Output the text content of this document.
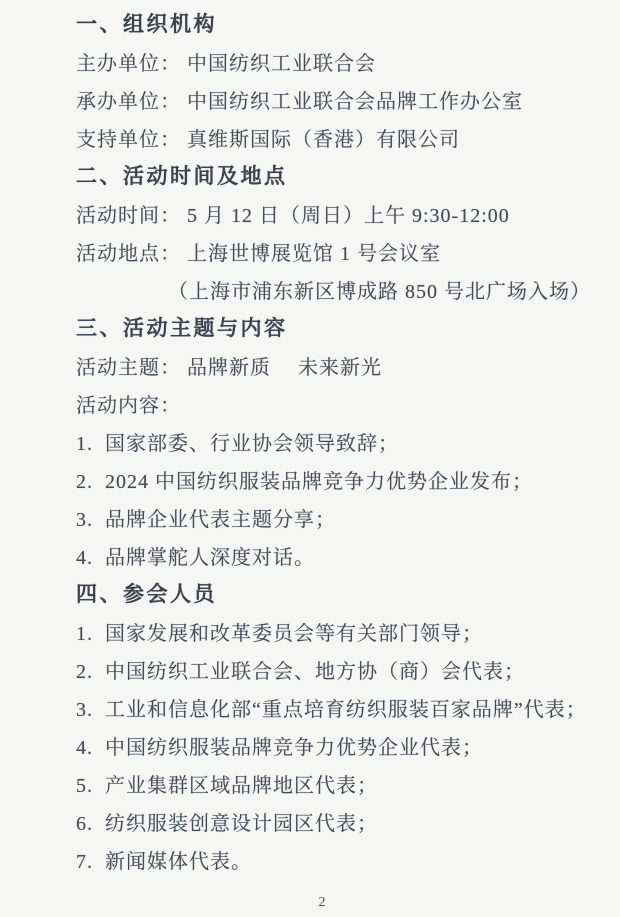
一、组织机构
主办单位： 中国纺织工业联合会
承办单位： 中国纺织工业联合会品牌工作办公室
支持单位： 真维斯国际（香港）有限公司
二、活动时间及地点
活动时间： 5 月 12 日（周日）上午 9:30-12:00
活动地点： 上海世博展览馆 1 号会议室
（上海市浦东新区博成路 850 号北广场入场）
三、活动主题与内容
活动主题： 品牌新质　 未来新光
活动内容：
1.  国家部委、行业协会领导致辞；
2.  2024 中国纺织服装品牌竞争力优势企业发布；
3.  品牌企业代表主题分享；
4.  品牌掌舵人深度对话。
四、参会人员
1.  国家发展和改革委员会等有关部门领导；
2.  中国纺织工业联合会、地方协（商）会代表；
3.  工业和信息化部“重点培育纺织服装百家品牌”代表；
4.  中国纺织服装品牌竞争力优势企业代表；
5.  产业集群区域品牌地区代表；
6.  纺织服装创意设计园区代表；
7.  新闻媒体代表。
2
